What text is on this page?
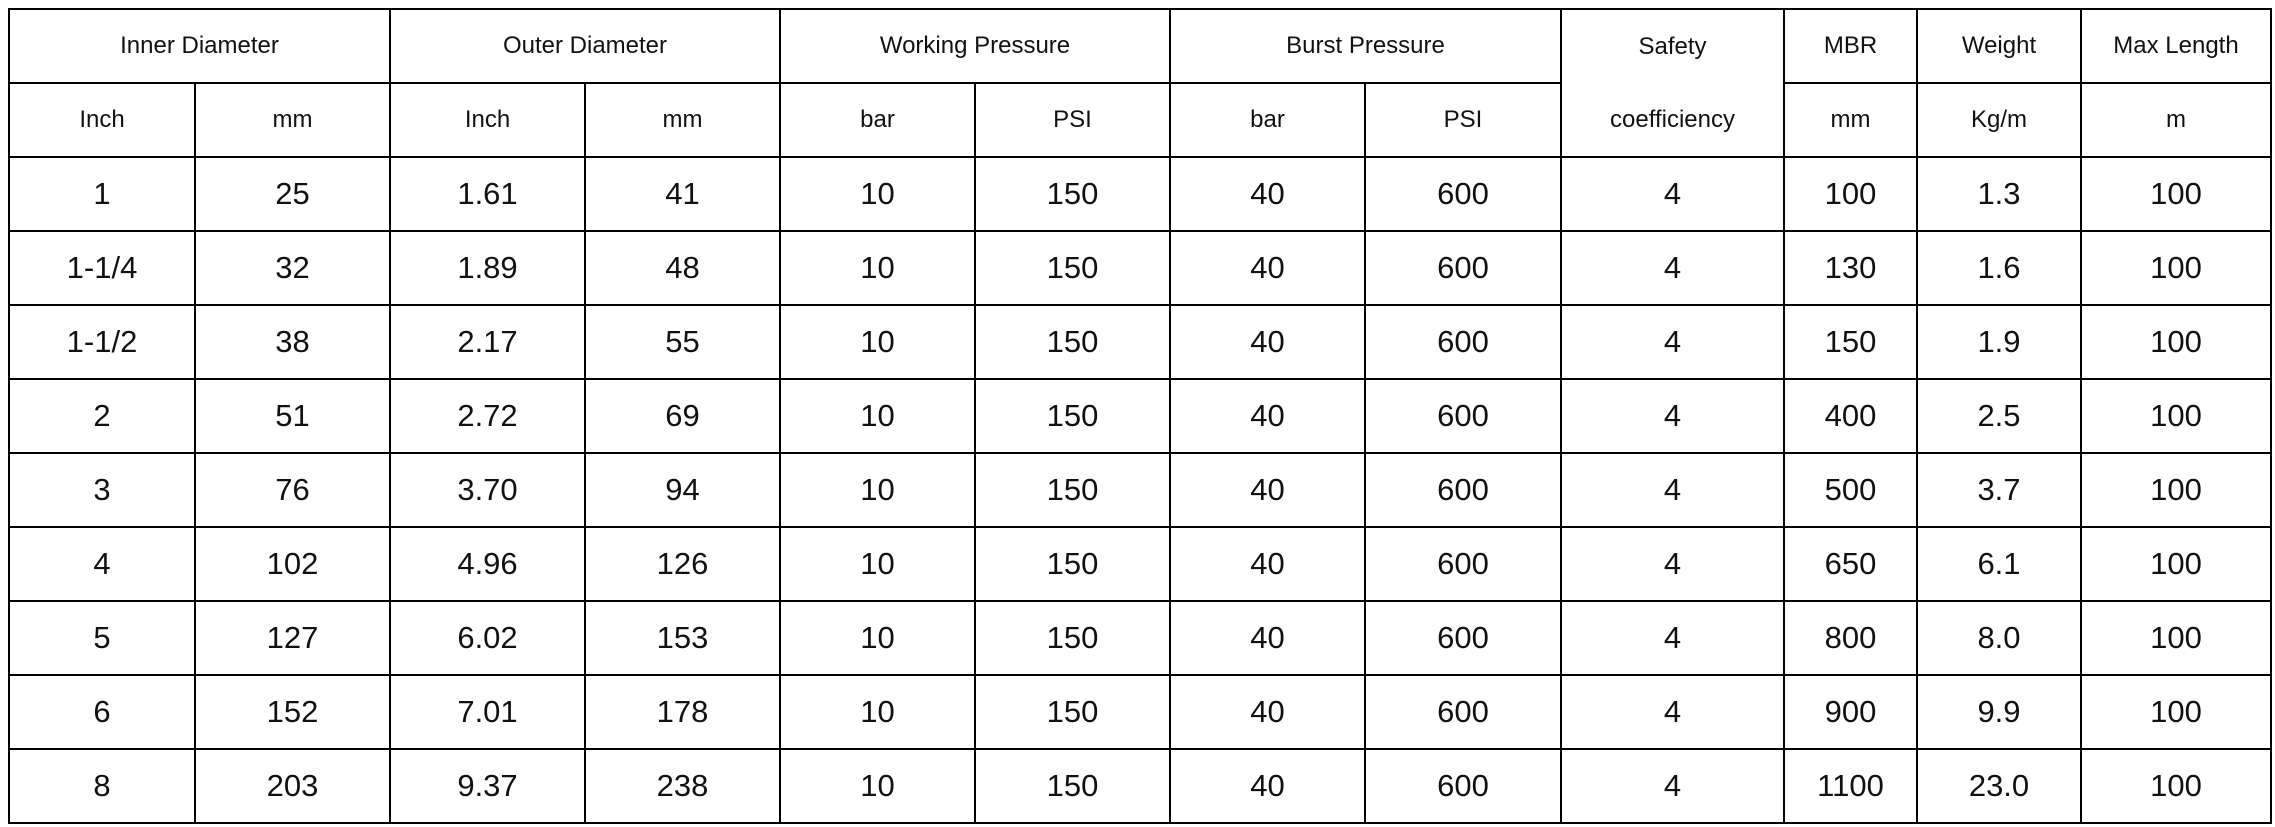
Inner Diameter		Outer Diameter		Working Pressure		Burst Pressure		Safety	MBR	Weight	Max Length
Inch	mm	Inch	mm	bar	PSI	bar	PSI	coefficiency	mm	Kg/m	m
1	25	1.61	41	10	150	40	600	4	100	1.3	100
1-1/4	32	1.89	48	10	150	40	600	4	130	1.6	100
1-1/2	38	2.17	55	10	150	40	600	4	150	1.9	100
2	51	2.72	69	10	150	40	600	4	400	2.5	100
3	76	3.70	94	10	150	40	600	4	500	3.7	100
4	102	4.96	126	10	150	40	600	4	650	6.1	100
5	127	6.02	153	10	150	40	600	4	800	8.0	100
6	152	7.01	178	10	150	40	600	4	900	9.9	100
8	203	9.37	238	10	150	40	600	4	1100	23.0	100
